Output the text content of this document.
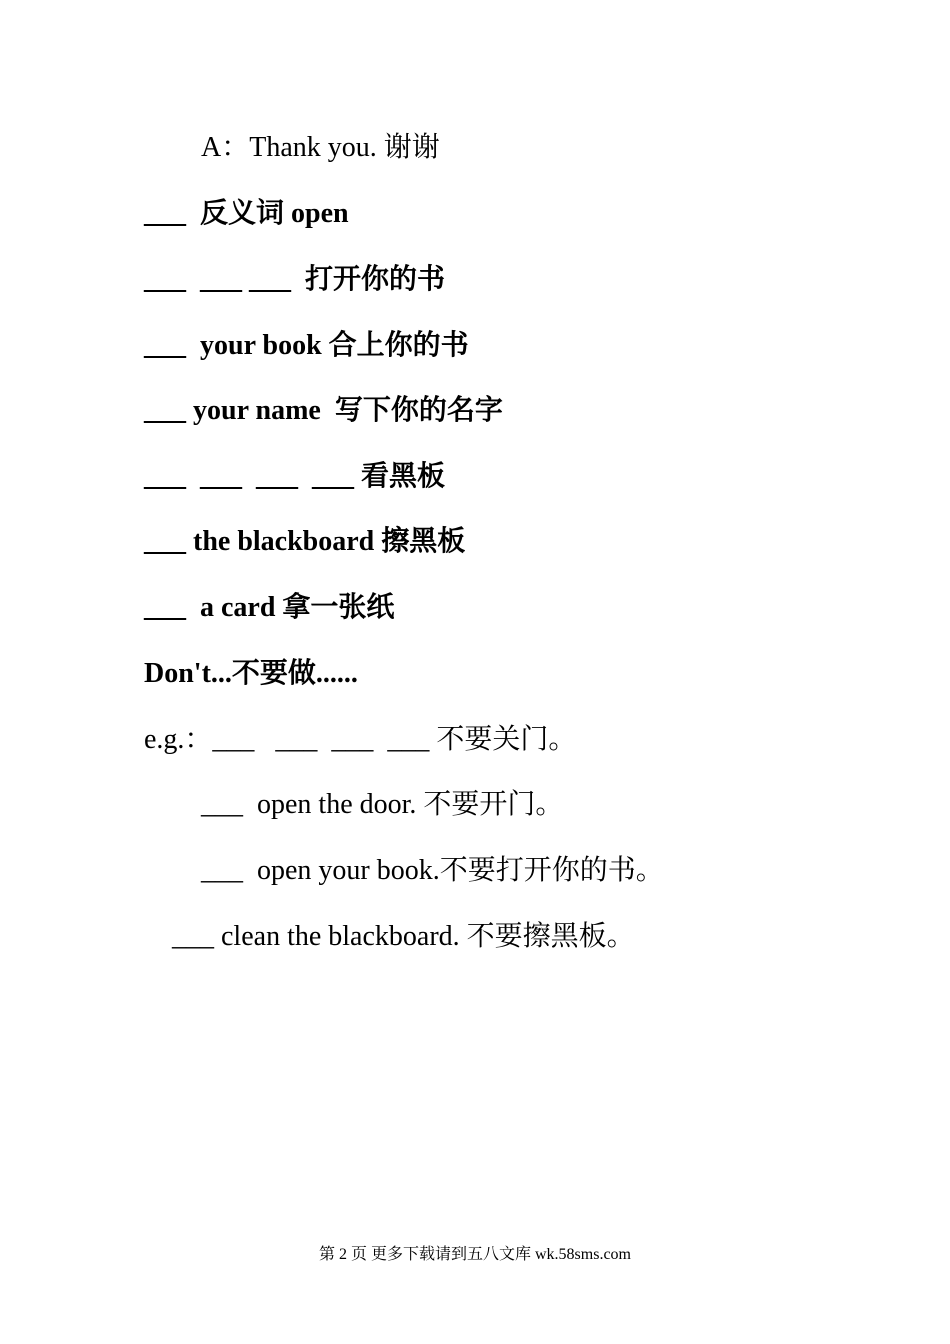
A：Thank you. 谢谢
___  反义词 open
___  ___ ___  打开你的书
___  your book 合上你的书
___ your name  写下你的名字
___  ___  ___  ___ 看黑板
___ the blackboard 擦黑板
___  a card 拿一张纸
Don't...不要做......
e.g.：___   ___  ___  ___ 不要关门。
___  open the door. 不要开门。
___  open your book.不要打开你的书。
___ clean the blackboard. 不要擦黑板。
第 2 页 更多下载请到五八文库 wk.58sms.com
